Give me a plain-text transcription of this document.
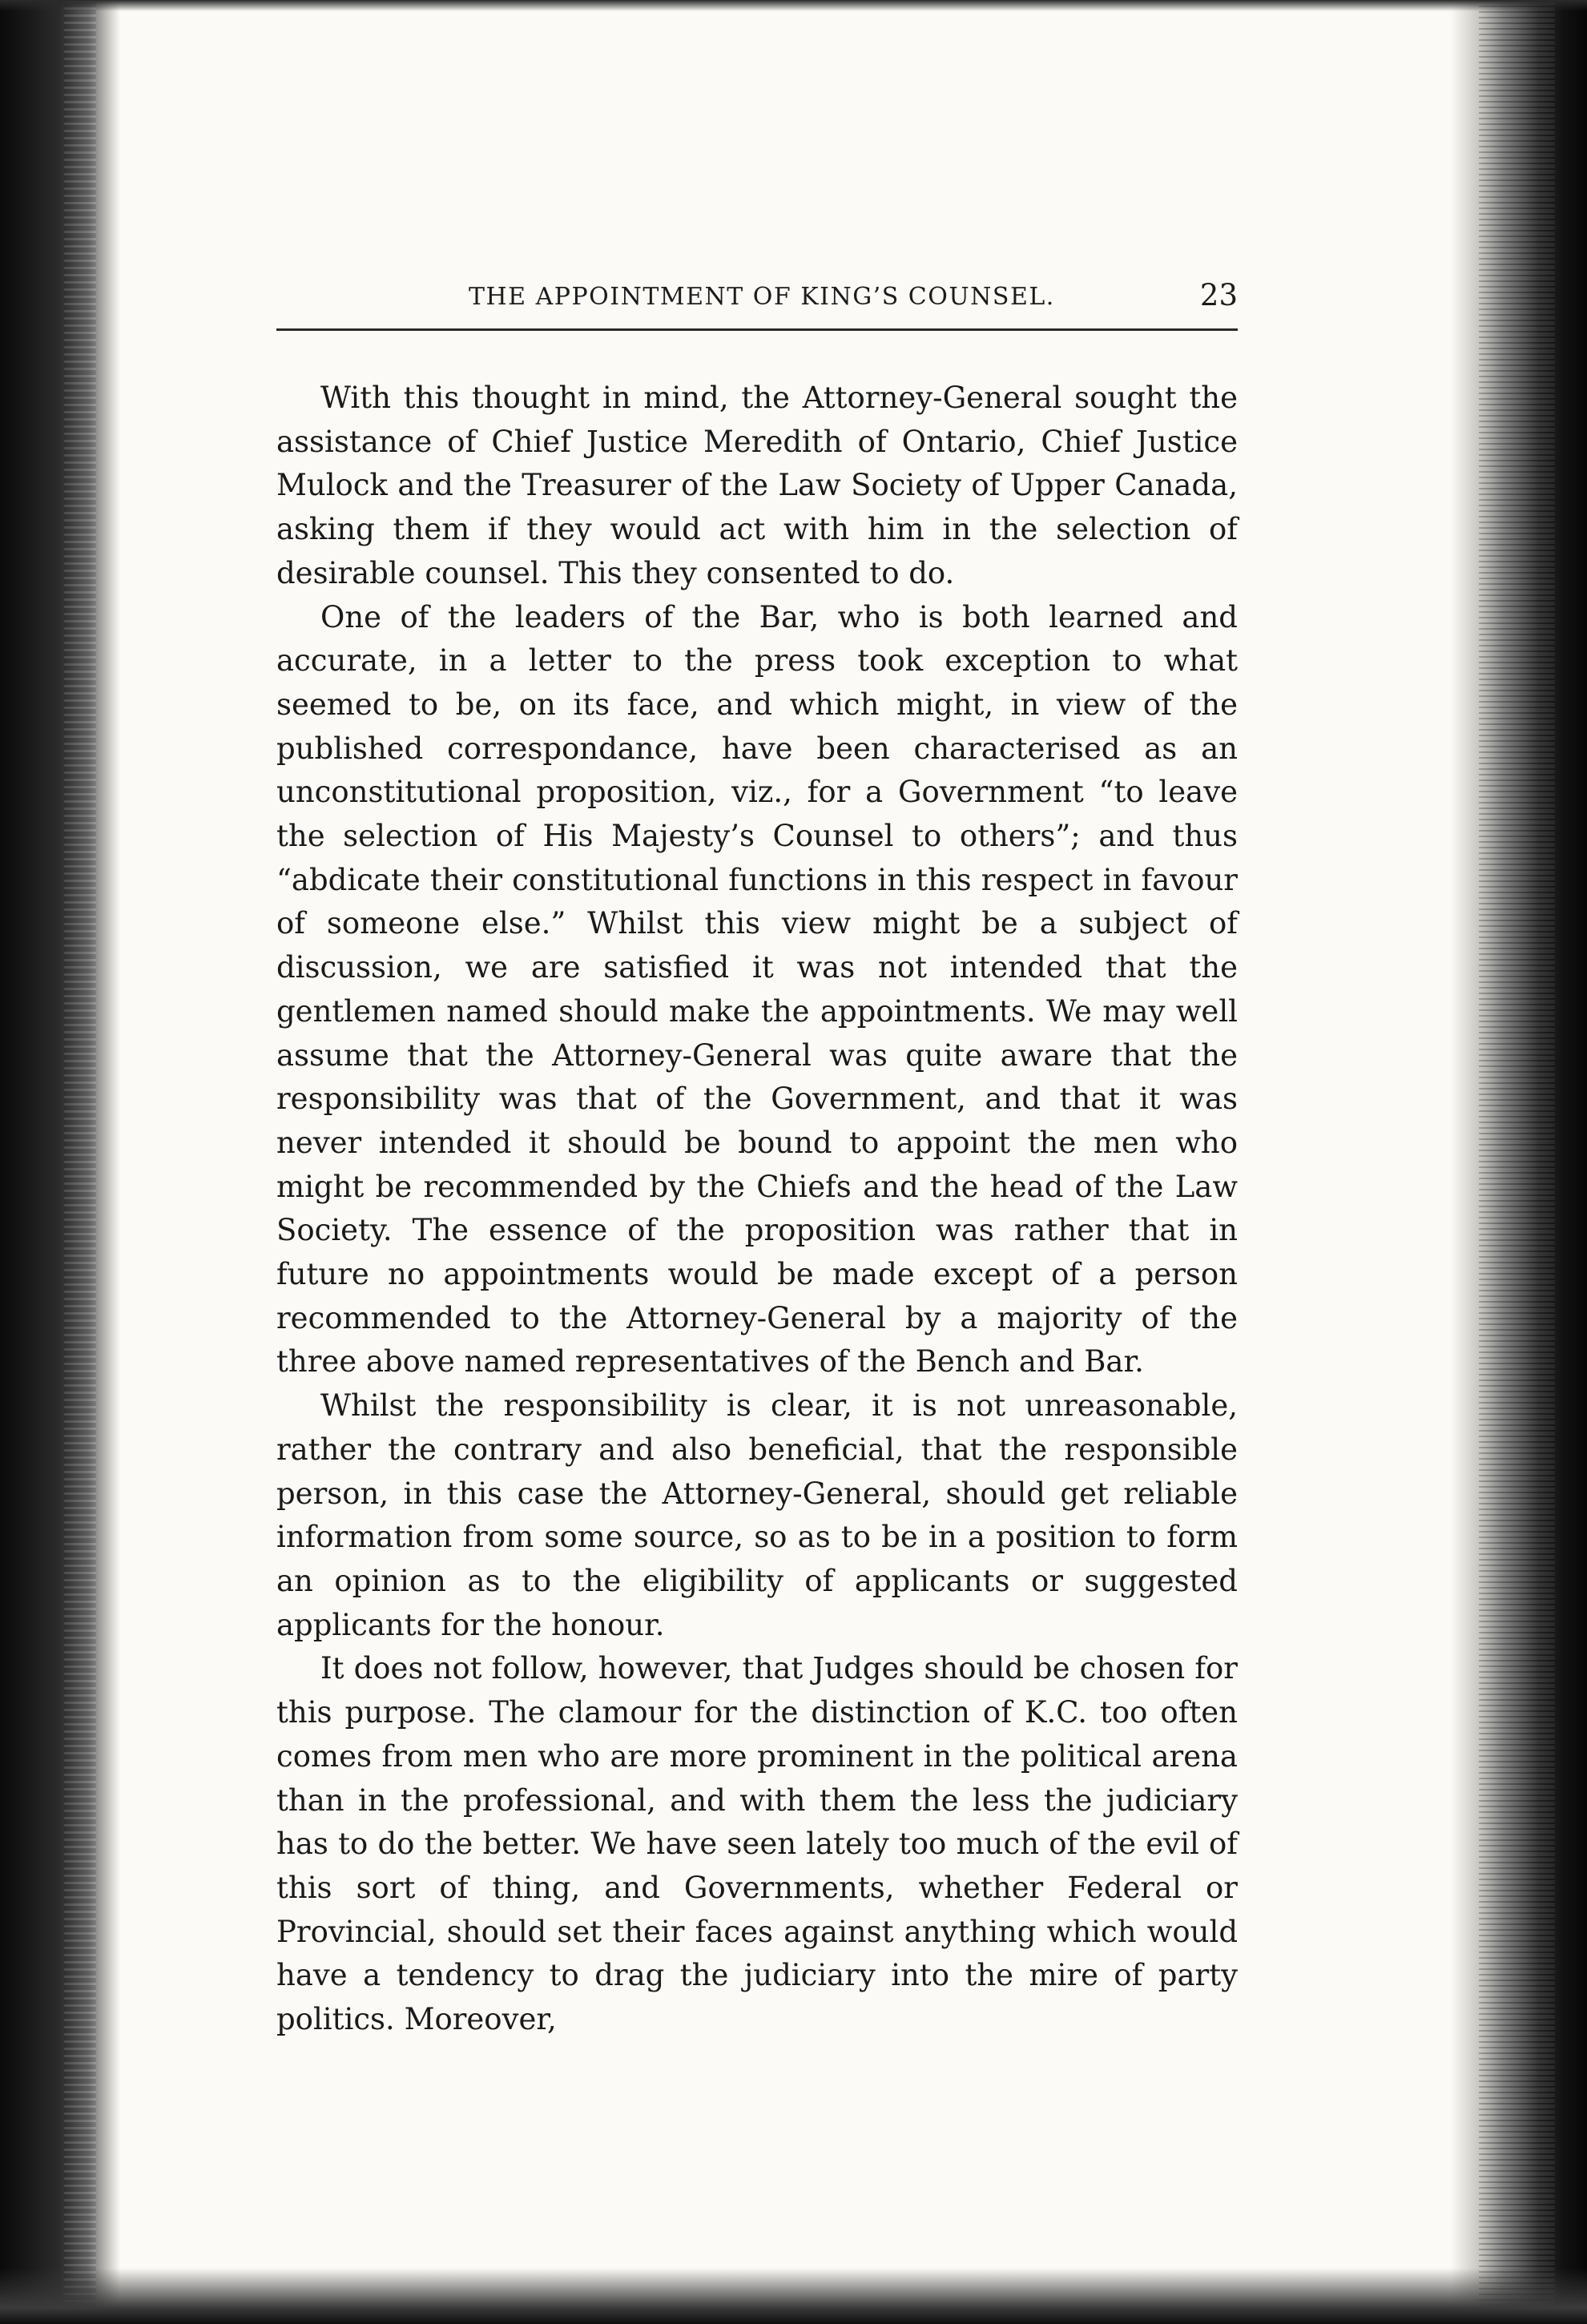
THE APPOINTMENT OF KING’S COUNSEL.	23

With this thought in mind, the Attorney-General sought the assistance of Chief Justice Meredith of Ontario, Chief Justice Mulock and the Treasurer of the Law Society of Upper Canada, asking them if they would act with him in the selection of desirable counsel. This they consented to do.

One of the leaders of the Bar, who is both learned and accurate, in a letter to the press took exception to what seemed to be, on its face, and which might, in view of the published correspondance, have been characterised as an unconstitutional proposition, viz., for a Government “to leave the selection of His Majesty’s Counsel to others”; and thus “abdicate their constitutional functions in this respect in favour of someone else.” Whilst this view might be a subject of discussion, we are satisfied it was not intended that the gentlemen named should make the appointments. We may well assume that the Attorney-General was quite aware that the responsibility was that of the Government, and that it was never intended it should be bound to appoint the men who might be recommended by the Chiefs and the head of the Law Society. The essence of the proposition was rather that in future no appointments would be made except of a person recommended to the Attorney-General by a majority of the three above named representatives of the Bench and Bar.

Whilst the responsibility is clear, it is not unreasonable, rather the contrary and also beneficial, that the responsible person, in this case the Attorney-General, should get reliable information from some source, so as to be in a position to form an opinion as to the eligibility of applicants or suggested applicants for the honour.

It does not follow, however, that Judges should be chosen for this purpose. The clamour for the distinction of K.C. too often comes from men who are more prominent in the political arena than in the professional, and with them the less the judiciary has to do the better. We have seen lately too much of the evil of this sort of thing, and Governments, whether Federal or Provincial, should set their faces against anything which would have a tendency to drag the judiciary into the mire of party politics. Moreover,
